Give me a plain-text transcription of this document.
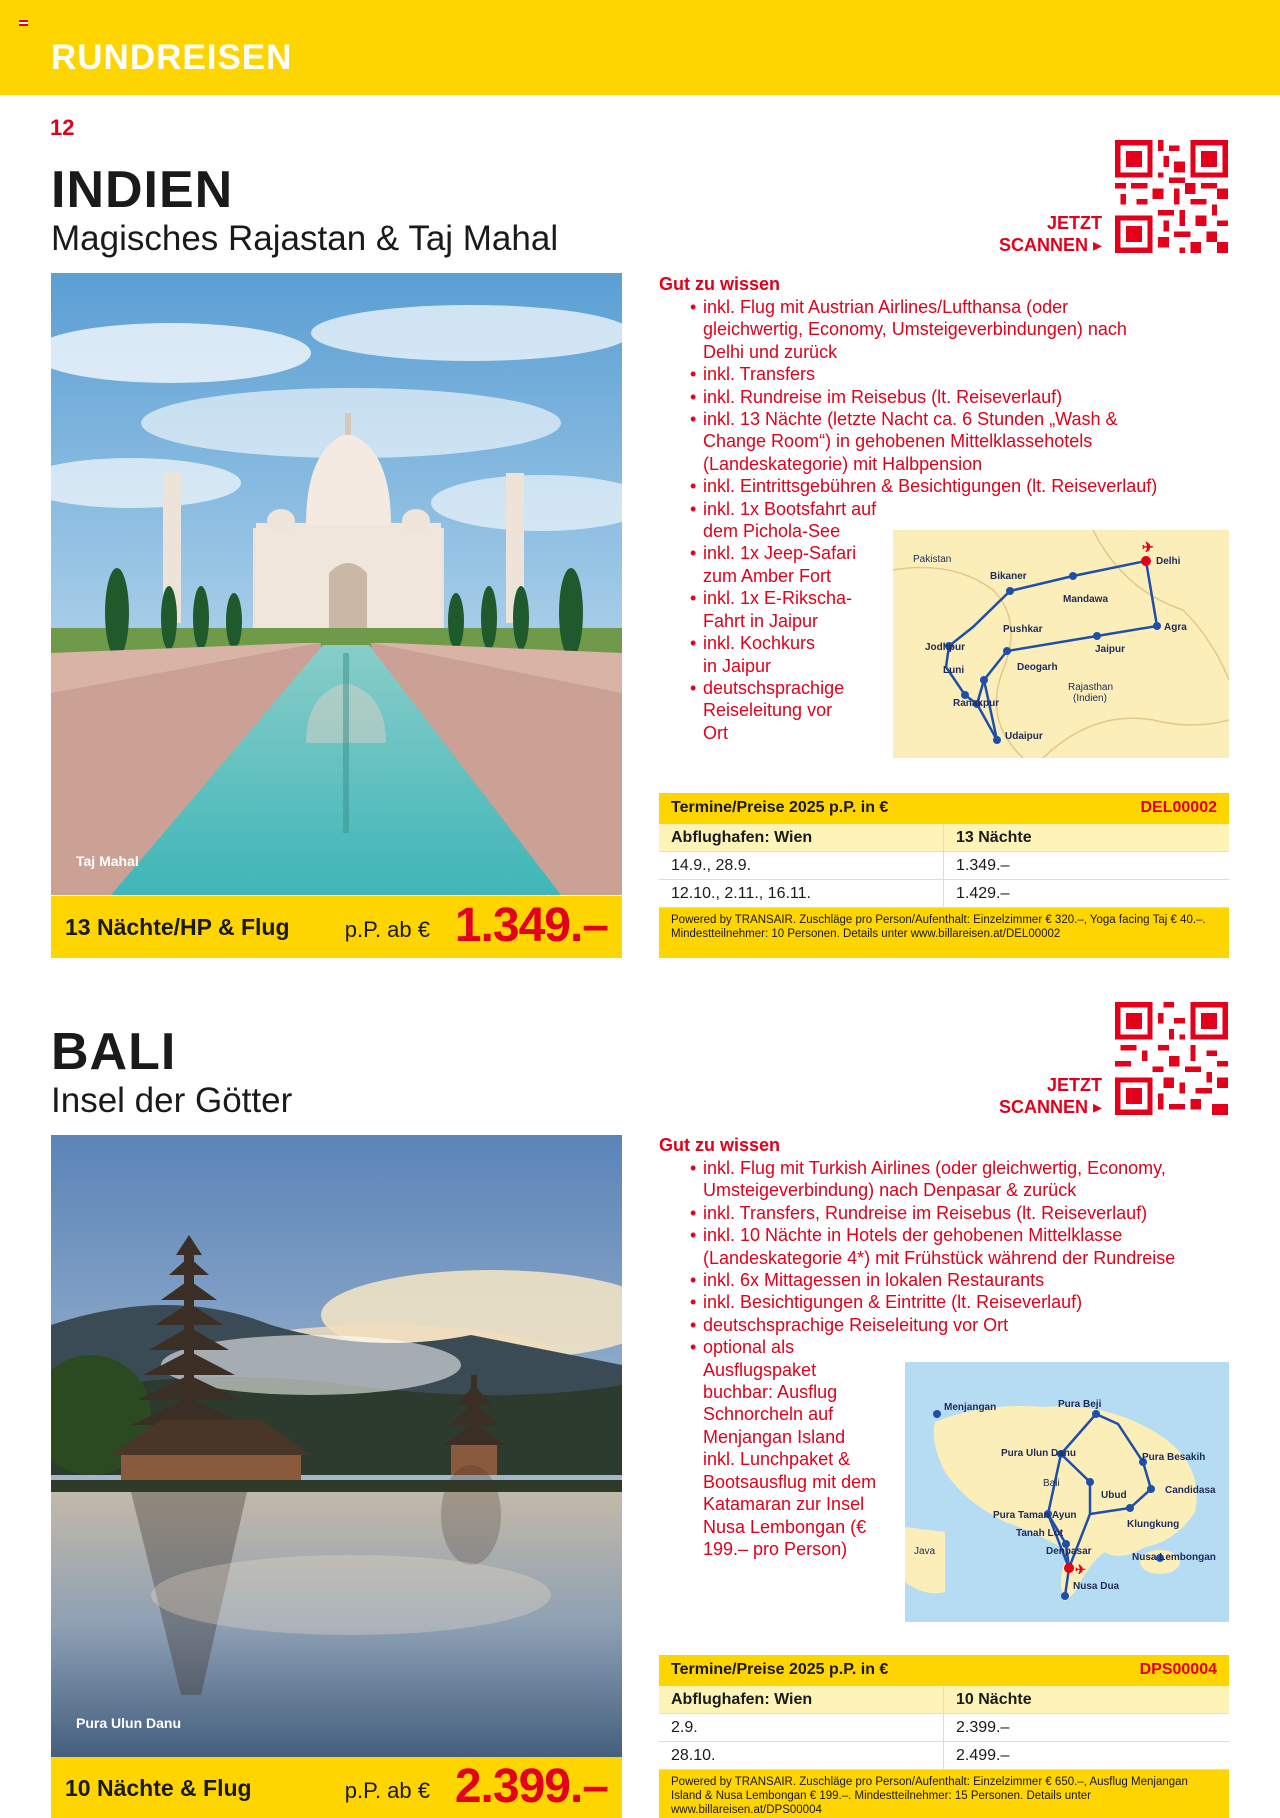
RUNDREISEN
12
INDIEN
Magisches Rajastan & Taj Mahal	JETZT
SCANNEN ▸
Taj Mahal
13 Nächte/HP & Flug	p.P. ab € 1.349.–
Gut zu wissen
• inkl. Flug mit Austrian Airlines/Lufthansa (oder gleichwertig, Economy, Umsteigeverbindungen) nach Delhi und zurück
• inkl. Transfers
• inkl. Rundreise im Reisebus (lt. Reiseverlauf)
• inkl. 13 Nächte (letzte Nacht ca. 6 Stunden „Wash & Change Room“) in gehobenen Mittelklassehotels (Landeskategorie) mit Halbpension
• inkl. Eintrittsgebühren & Besichtigungen (lt. Reiseverlauf)
• inkl. 1x Bootsfahrt auf dem Pichola-See
• inkl. 1x Jeep-Safari zum Amber Fort
• inkl. 1x E-Rikscha-Fahrt in Jaipur
• inkl. Kochkurs in Jaipur
• deutschsprachige Reiseleitung vor Ort
✈
Pakistan	Delhi
Bikaner
Mandawa
Agra
Pushkar
Jaipur
Jodhpur
Luni	Deogarh
Rajasthan
(Indien)
Ranakpur
Udaipur
Termine/Preise 2025 p.P. in €	DEL00002
Abflughafen: Wien	13 Nächte
14.9., 28.9.	1.349.–
12.10., 2.11., 16.11.	1.429.–
Powered by TRANSAIR. Zuschläge pro Person/Aufenthalt: Einzelzimmer € 320.–, Yoga facing Taj € 40.–. Mindestteilnehmer: 10 Personen. Details unter www.billareisen.at/DEL00002
BALI
Insel der Götter	JETZT
SCANNEN ▸
Pura Ulun Danu
10 Nächte & Flug	p.P. ab € 2.399.–
Gut zu wissen
• inkl. Flug mit Turkish Airlines (oder gleichwertig, Economy, Umsteigeverbindung) nach Denpasar & zurück
• inkl. Transfers, Rundreise im Reisebus (lt. Reiseverlauf)
• inkl. 10 Nächte in Hotels der gehobenen Mittelklasse (Landeskategorie 4*) mit Frühstück während der Rundreise
• inkl. 6x Mittagessen in lokalen Restaurants
• inkl. Besichtigungen & Eintritte (lt. Reiseverlauf)
• deutschsprachige Reiseleitung vor Ort
• optional als Ausflugspaket buchbar: Ausflug Schnorcheln auf Menjangan Island inkl. Lunchpaket & Bootsausflug mit dem Katamaran zur Insel Nusa Lembongan (€ 199.– pro Person)
✈
Menjangan	Pura Beji
Pura Ulun Danu	Pura Besakih
Bali
Candidasa
Ubud
Pura Taman Ayun
Klungkung
Tanah Lot
Java	Denpasar
Nusa Lembongan
Nusa Dua
Termine/Preise 2025 p.P. in €	DPS00004
Abflughafen: Wien	10 Nächte
2.9.	2.399.–
28.10.	2.499.–
Powered by TRANSAIR. Zuschläge pro Person/Aufenthalt: Einzelzimmer € 650.–, Ausflug Menjangan Island & Nusa Lembongan € 199.–. Mindestteilnehmer: 15 Personen. Details unter www.billareisen.at/DPS00004
